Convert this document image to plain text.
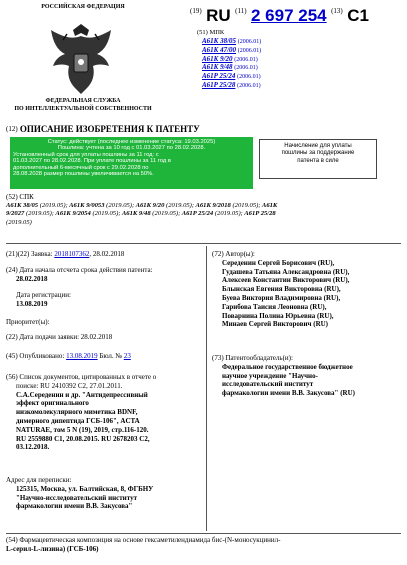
РОССИЙСКАЯ ФЕДЕРАЦИЯ
ФЕДЕРАЛЬНАЯ СЛУЖБА
ПО ИНТЕЛЛЕКТУАЛЬНОЙ СОБСТВЕННОСТИ
$^{(19)}$ RU $^{(11)}$ 2 697 254 $^{(13)}$ C1
(51) МПК
A61K 38/05 (2006.01)
A61K 47/00 (2006.01)
A61K 9/20 (2006.01)
A61K 9/48 (2006.01)
A61P 25/24 (2006.01)
A61P 25/28 (2006.01)
$^{(12)}$ ОПИСАНИЕ ИЗОБРЕТЕНИЯ К ПАТЕНТУ

Статус: действует (последнее изменение статуса: 19.03.2025)

Пошлина: учтена за 10 год с 01.03.2027 по 28.02.2028.

Установленный срок для уплаты пошлины за 11 год: с

01.03.2027 по 28.02.2028. При уплате пошлины за 11 год в

дополнительный 6-месячный срок с 29.02.2028 по

28.08.2028 размер пошлины увеличивается на 50%.

Начисление для уплаты
пошлины за поддержание
патента в силе
(52) СПК
A61K 38/05 (2019.05); A61K 9/0053 (2019.05); A61K 9/20 (2019.05); A61K 9/2018 (2019.05); A61K
9/2027 (2019.05); A61K 9/2054 (2019.05); A61K 9/48 (2019.05); A61P 25/24 (2019.05); A61P 25/28
(2019.05)
(21)(22) Заявка: 2018107362, 28.02.2018
(24) Дата начала отсчета срока действия патента:
28.02.2018
Дата регистрации:
13.08.2019
Приоритет(ы):
(22) Дата подачи заявки: 28.02.2018
(45) Опубликовано: 13.08.2019 Бюл. № 23
(56) Список документов, цитированных в отчете о
поиске: RU 2410392 C2, 27.01.2011.
С.А.Середенин и др. "Антидепрессивный
эффект оригинального
низкомолекулярного миметика BDNF,
димерного дипептида ГСБ-106", ACTA
NATURAE, том 5 N (19), 2019, стр.116-120.
RU 2559880 C1, 20.08.2015. RU 2678203 C2,
03.12.2018.
Адрес для переписки:
125315, Москва, ул. Балтийская, 8, ФГБНУ
"Научно-исследовательский институт
фармакологии имени В.В. Закусова"
(72) Автор(ы):
Середенин Сергей Борисович (RU),
Гудашева Татьяна Александровна (RU),
Алексеев Константин Викторович (RU),
Блынская Евгения Викторовна (RU),
Буева Виктория Владимировна (RU),
Гарибова Таисия Леоновна (RU),
Поварнина Полина Юрьевна (RU),
Минаев Сергей Викторович (RU)
(73) Патентообладатель(и):
Федеральное государственное бюджетное
научное учреждение "Научно-
исследовательский институт
фармакологии имени В.В. Закусова" (RU)
(54) Фармацевтическая композиция на основе гексаметилендиамида бис-(N-моносукцинил-
L-серил-L-лизина) (ГСБ-106)
